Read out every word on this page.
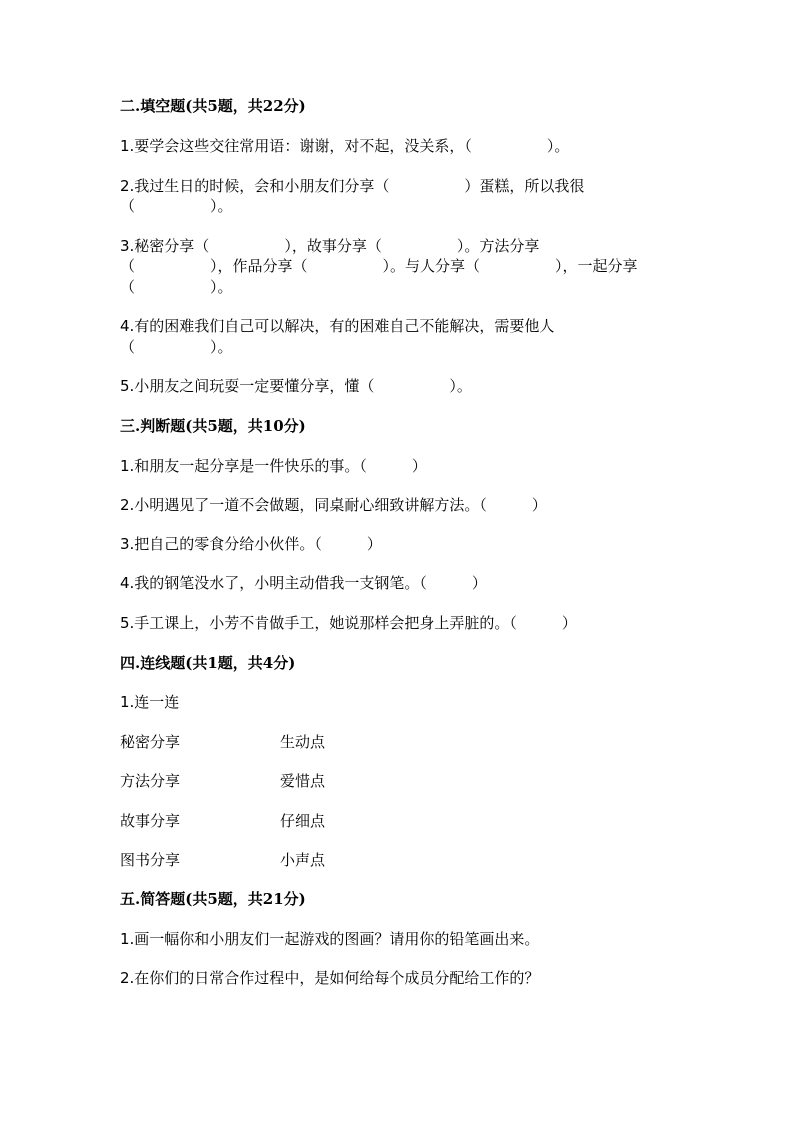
二.填空题(共5题，共22分)
1.要学会这些交往常用语：谢谢，对不起，没关系，（　　　　　）。
2.我过生日的时候，会和小朋友们分享（　　　　　）蛋糕，所以我很
（　　　　　）。
3.秘密分享（　　　　　），故事分享（　　　　　）。方法分享
（　　　　　），作品分享（　　　　　）。与人分享（　　　　　），一起分享
（　　　　　）。
4.有的困难我们自己可以解决，有的困难自己不能解决，需要他人
（　　　　　）。
5.小朋友之间玩耍一定要懂分享，懂（　　　　　）。
三.判断题(共5题，共10分)
1.和朋友一起分享是一件快乐的事。（　　　）
2.小明遇见了一道不会做题，同桌耐心细致讲解方法。（　　　）
3.把自己的零食分给小伙伴。（　　　）
4.我的钢笔没水了，小明主动借我一支钢笔。（　　　）
5.手工课上，小芳不肯做手工，她说那样会把身上弄脏的。（　　　）
四.连线题(共1题，共4分)
1.连一连
秘密分享	生动点
方法分享	爱惜点
故事分享	仔细点
图书分享	小声点
五.简答题(共5题，共21分)
1.画一幅你和小朋友们一起游戏的图画？请用你的铅笔画出来。
2.在你们的日常合作过程中，是如何给每个成员分配给工作的？
